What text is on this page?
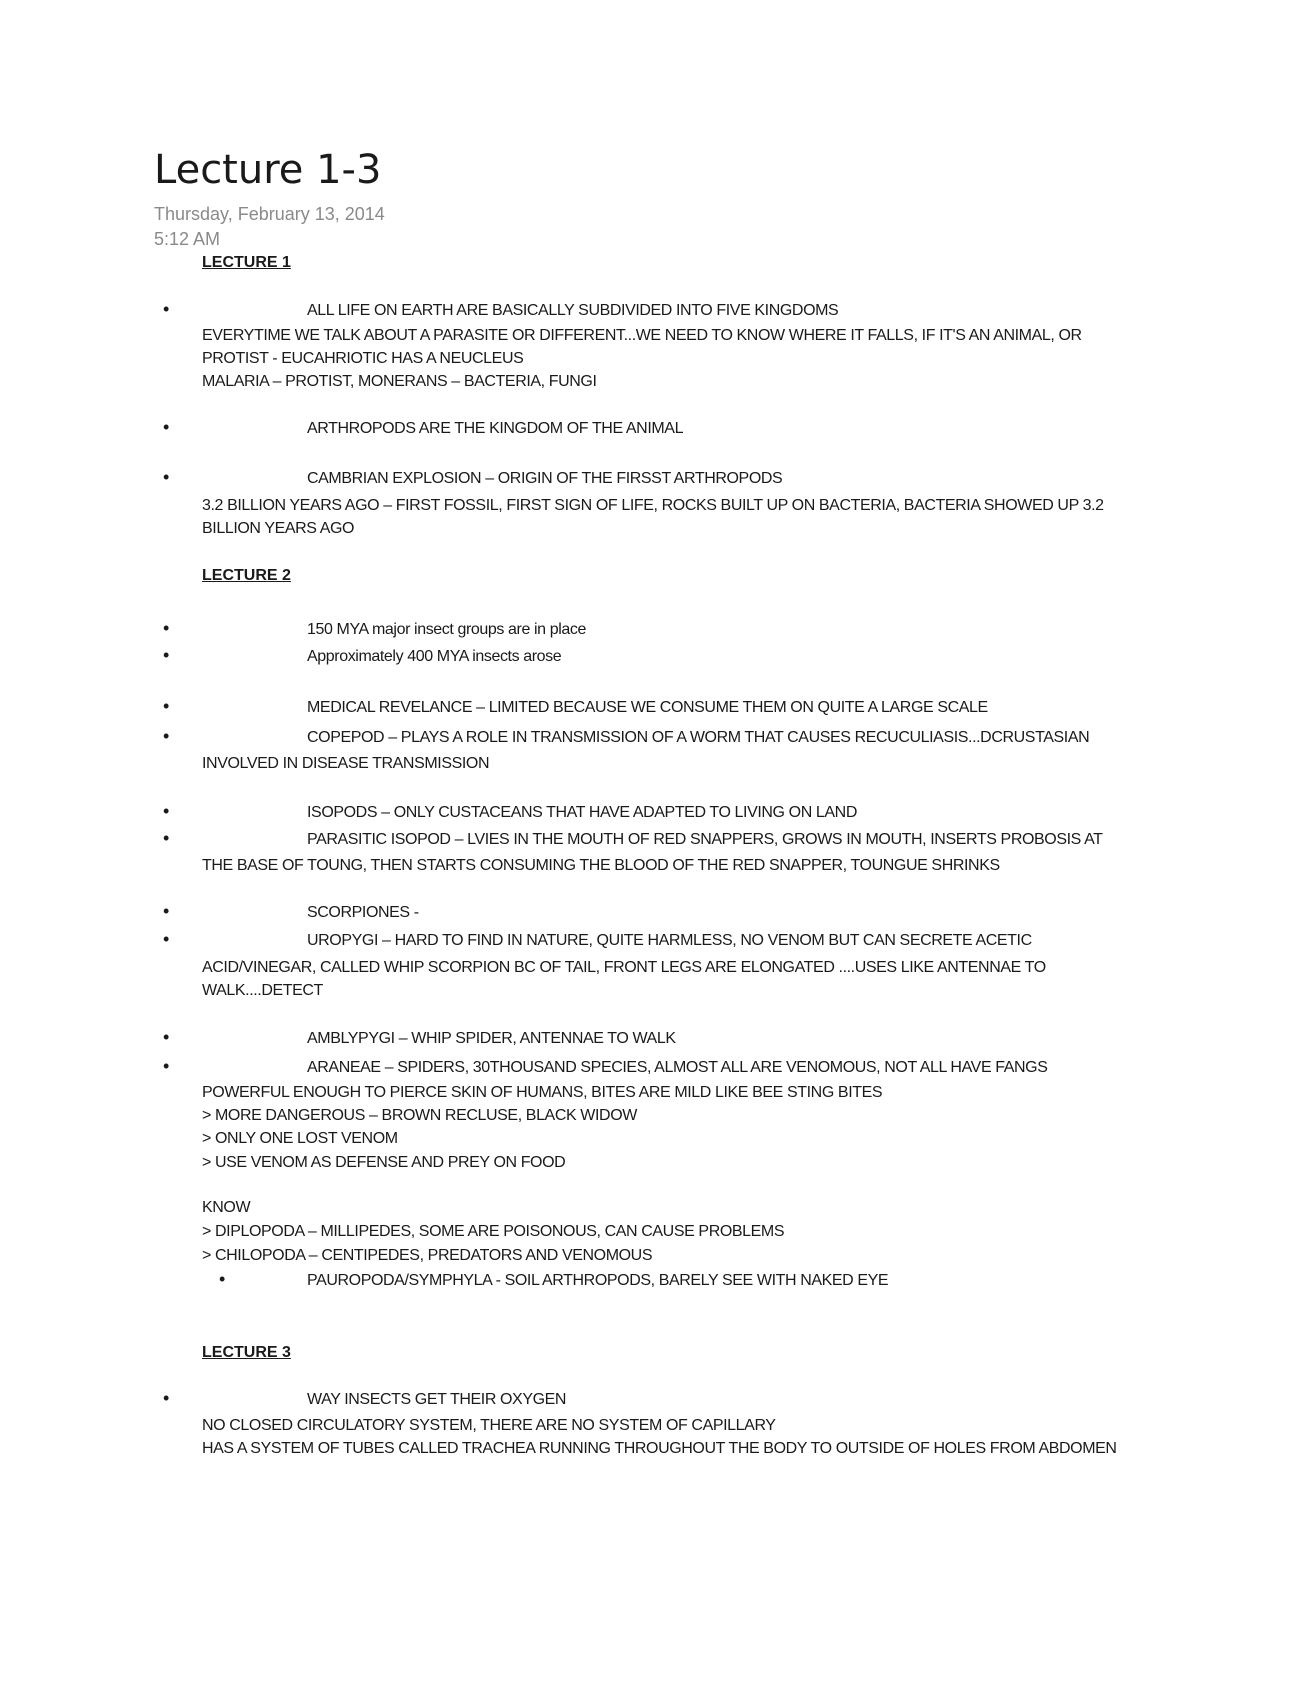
Lecture 1-3
Thursday, February 13, 2014
5:12 AM
LECTURE 1
•	ALL LIFE ON EARTH ARE BASICALLY SUBDIVIDED INTO FIVE KINGDOMS
EVERYTIME WE TALK ABOUT A PARASITE OR DIFFERENT...WE NEED TO KNOW WHERE IT FALLS, IF IT'S AN ANIMAL, OR
PROTIST - EUCAHRIOTIC HAS A NEUCLEUS
MALARIA – PROTIST, MONERANS – BACTERIA, FUNGI
•	ARTHROPODS ARE THE KINGDOM OF THE ANIMAL
•	CAMBRIAN EXPLOSION – ORIGIN OF THE FIRSST ARTHROPODS
3.2 BILLION YEARS AGO – FIRST FOSSIL, FIRST SIGN OF LIFE, ROCKS BUILT UP ON BACTERIA, BACTERIA SHOWED UP 3.2
BILLION YEARS AGO
LECTURE 2
•	150 MYA major insect groups are in place
•	Approximately 400 MYA insects arose
•	MEDICAL REVELANCE – LIMITED BECAUSE WE CONSUME THEM ON QUITE A LARGE SCALE
•	COPEPOD – PLAYS A ROLE IN TRANSMISSION OF A WORM THAT CAUSES RECUCULIASIS...DCRUSTASIAN
INVOLVED IN DISEASE TRANSMISSION
•	ISOPODS – ONLY CUSTACEANS THAT HAVE ADAPTED TO LIVING ON LAND
•	PARASITIC ISOPOD – LVIES IN THE MOUTH OF RED SNAPPERS, GROWS IN MOUTH, INSERTS PROBOSIS AT
THE BASE OF TOUNG, THEN STARTS CONSUMING THE BLOOD OF THE RED SNAPPER, TOUNGUE SHRINKS
•	SCORPIONES -
•	UROPYGI – HARD TO FIND IN NATURE, QUITE HARMLESS, NO VENOM BUT CAN SECRETE ACETIC
ACID/VINEGAR, CALLED WHIP SCORPION BC OF TAIL, FRONT LEGS ARE ELONGATED ....USES LIKE ANTENNAE TO
WALK....DETECT
•	AMBLYPYGI – WHIP SPIDER, ANTENNAE TO WALK
•	ARANEAE – SPIDERS, 30THOUSAND SPECIES, ALMOST ALL ARE VENOMOUS, NOT ALL HAVE FANGS
POWERFUL ENOUGH TO PIERCE SKIN OF HUMANS, BITES ARE MILD LIKE BEE STING BITES
> MORE DANGEROUS – BROWN RECLUSE, BLACK WIDOW
> ONLY ONE LOST VENOM
> USE VENOM AS DEFENSE AND PREY ON FOOD
KNOW
> DIPLOPODA – MILLIPEDES, SOME ARE POISONOUS, CAN CAUSE PROBLEMS
> CHILOPODA – CENTIPEDES, PREDATORS AND VENOMOUS
•	PAUROPODA/SYMPHYLA - SOIL ARTHROPODS, BARELY SEE WITH NAKED EYE
LECTURE 3
•	WAY INSECTS GET THEIR OXYGEN
NO CLOSED CIRCULATORY SYSTEM, THERE ARE NO SYSTEM OF CAPILLARY
HAS A SYSTEM OF TUBES CALLED TRACHEA RUNNING THROUGHOUT THE BODY TO OUTSIDE OF HOLES FROM ABDOMEN
